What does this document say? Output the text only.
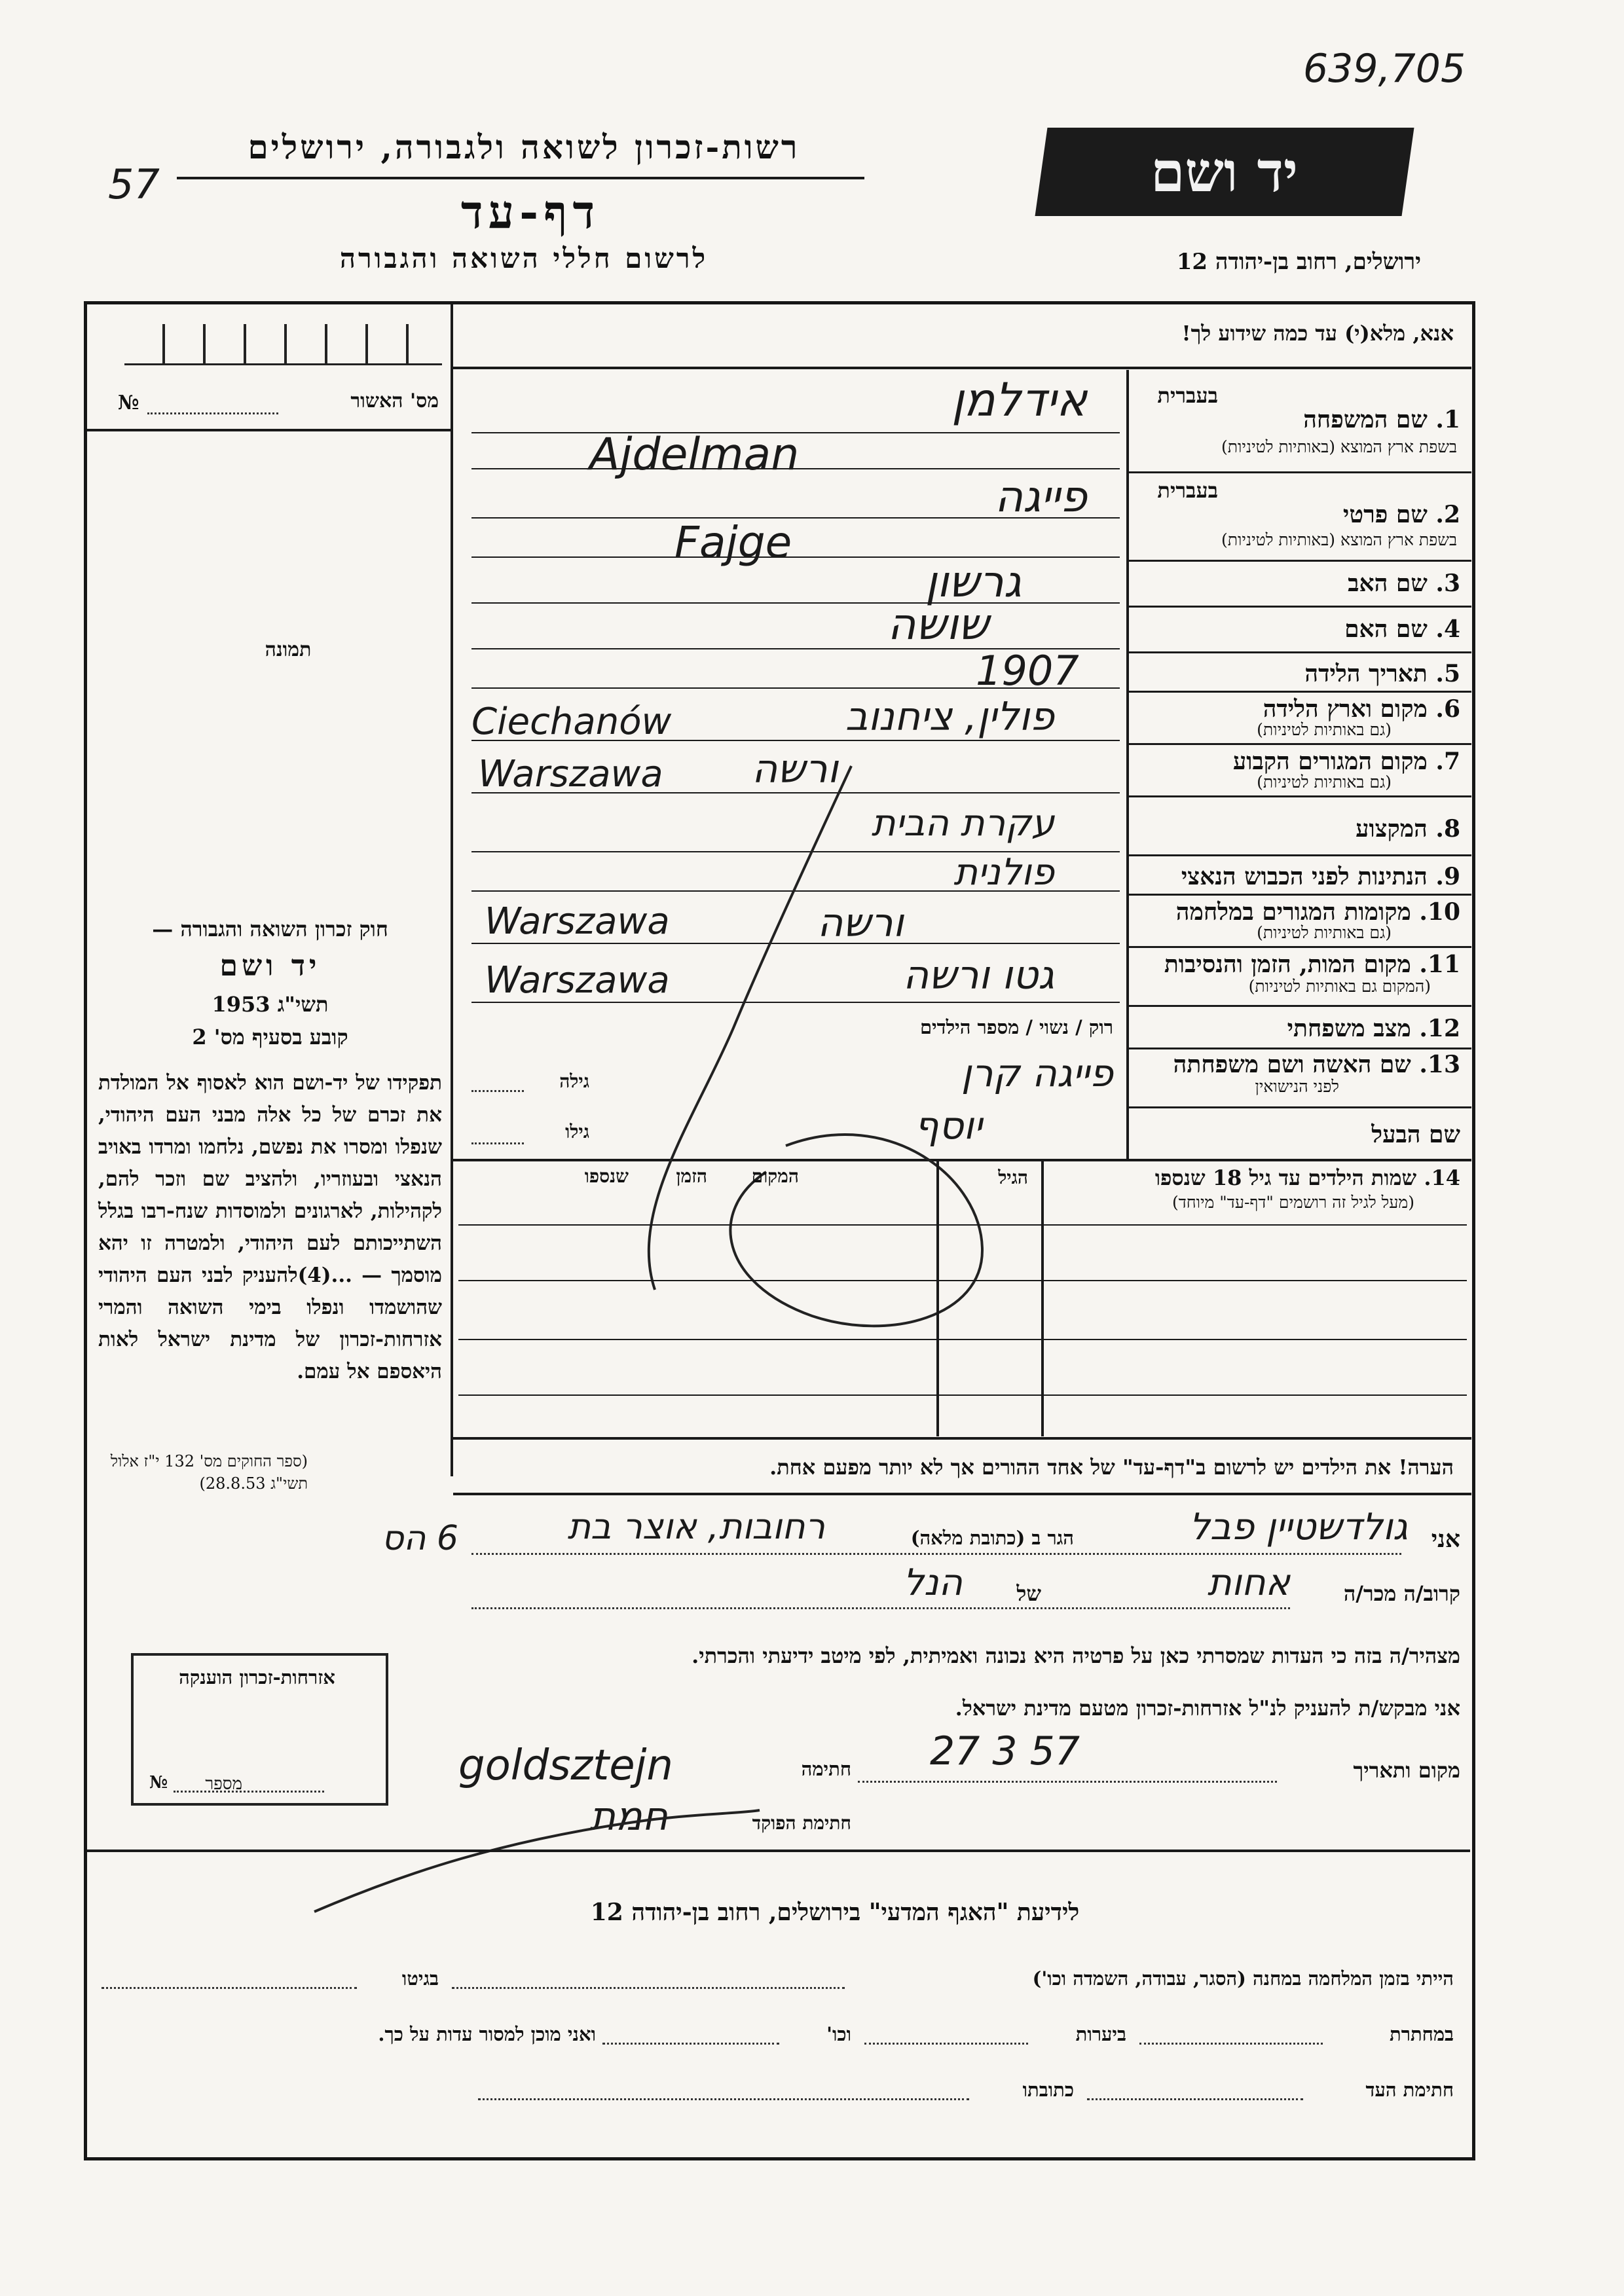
639,705
57
רשות-זכרון לשואה ולגבורה, ירושלים
דף-עד
לרשום חללי השואה והגבורה
יד ושם
ירושלים, רחוב בן-יהודה 12
אנא, מלא(י) עד כמה שידוע לך!
מס' האשור
№
תמונה
חוק זכרון השואה והגבורה —
יד ושם
תשי"ג 1953
קובע בסעיף מס' 2
תפקידו של יד-ושם הוא לאסוף אל המולדת את זכרם של כל אלה מבני העם היהודי, שנפלו ומסרו את נפשם, נלחמו ומרדו באויב הנאצי ובעוזריו, ולהציב שם וזכר להם, לקהילות, לארגונים ולמוסדות שנח-רבו בגלל השתייכותם לעם היהודי, ולמטרה זו יהא מוסמך — ...(4)להעניק לבני העם היהודי שהושמדו ונפלו בימי השואה והמרי אזרחות-זכרון של מדינת ישראל לאות היאספם אל עמם.
(ספר החוקים מס' 132 י"ז אלול תשי"ג 28.8.53)
אזרחות-זכרון הוענקה
מספר
№
בעברית
1. שם המשפחה
בשפת ארץ המוצא (באותיות לטיניות)
אידלמן
Ajdelman
בעברית
2. שם פרטי
בשפת ארץ המוצא (באותיות לטיניות)
פייגה
Fajge
3. שם האב
גרשון
4. שם האם
שושה
5. תאריך הלידה
1907
6. מקום וארץ הלידה
(גם באותיות לטיניות)
פולין, ציחנוב
Ciechanów
7. מקום המגורים הקבוע
(גם באותיות לטיניות)
ורשה
Warszawa
8. המקצוע
עקרת הבית
9. הנתינות לפני הכבוש הנאצי
פולנית
10. מקומות המגורים במלחמה
(גם באותיות לטיניות)
ורשה
Warszawa
11. מקום המות, הזמן והנסיבות
(המקום גם באותיות לטיניות)
גטו ורשה
Warszawa
12. מצב משפחתי
רוק / נשוי / מספר הילדים
13. שם האשה ושם משפחתה
לפני הנישואין
פייגה קרן
גילה
שם הבעל
יוסף
גילו
14. שמות הילדים עד גיל 18 שנספו
(מעל לגיל זה רושמים "דף-עד" מיוחד)
הגיל
המקום
הזמן
שנספו
הערה! את הילדים יש לרשום ב"דף-עד" של אחד ההורים אך לא יותר מפעם אחת.
אני
גולדשטיין פבל
הגר ב (כתובת מלאה)
רחובות, אוצר בת
6 הס
קרוב/ה מכר/ה
אחות
של
הנל
מצהיר/ה בזה כי העדות שמסרתי כאן על פרטיה היא נכונה ואמיתית, לפי מיטב ידיעתי והכרתי.
אני מבקש/ת להעניק לנ"ל אזרחות-זכרון מטעם מדינת ישראל.
מקום ותאריך
27 3 57
חתימה
goldsztejn
חתימת הפוקד
חמת
לידיעת "האגף המדעי" בירושלים, רחוב בן-יהודה 12
הייתי בזמן המלחמה במחנה (הסגר, עבודה, השמדה וכו')
בגיטו
במחתרת
ביערות
וכו'
ואני מוכן למסור עדות על כך.
חתימת העד
כתובתו
